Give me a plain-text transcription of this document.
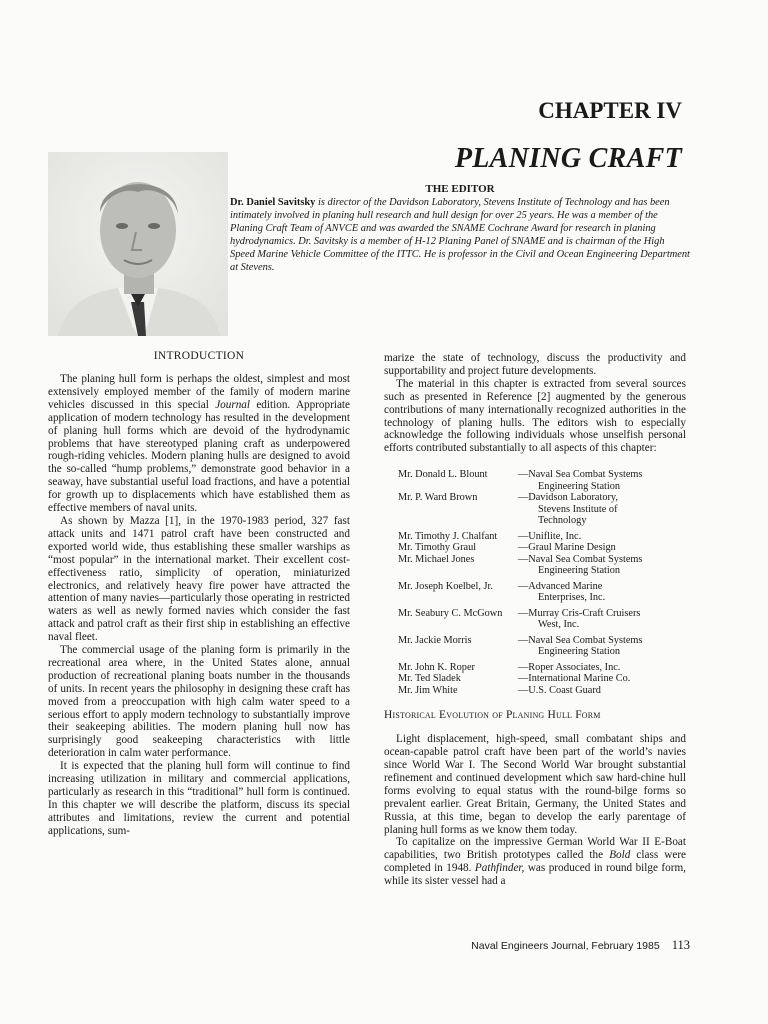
CHAPTER IV
PLANING CRAFT
THE EDITOR
Dr. Daniel Savitsky is director of the Davidson Laboratory, Stevens Institute of Technology and has been intimately involved in planing hull research and hull design for over 25 years. He was a member of the Planing Craft Team of ANVCE and was awarded the SNAME Cochrane Award for research in planing hydrodynamics. Dr. Savitsky is a member of H-12 Planing Panel of SNAME and is chairman of the High Speed Marine Vehicle Committee of the ITTC. He is professor in the Civil and Ocean Engineering Department at Stevens.
INTRODUCTION

The planing hull form is perhaps the oldest, simplest and most extensively employed member of the family of modern marine vehicles discussed in this special Journal edition. Appropriate application of modern technology has resulted in the development of planing hull forms which are devoid of the hydrodynamic problems that have stereotyped planing craft as underpowered rough-riding vehicles. Modern planing hulls are designed to avoid the so-called “hump problems,” demonstrate good behavior in a seaway, have substantial useful load fractions, and have a potential for growth up to displacements which have established them as effective members of naval units.

As shown by Mazza [1], in the 1970-1983 period, 327 fast attack units and 1471 patrol craft have been constructed and exported world wide, thus establishing these smaller warships as “most popular” in the international market. Their excellent cost-effectiveness ratio, simplicity of operation, miniaturized electronics, and relatively heavy fire power have attracted the attention of many navies—particularly those operating in restricted waters as well as newly formed navies which consider the fast attack and patrol craft as their first ship in establishing an effective naval fleet.

The commercial usage of the planing form is primarily in the recreational area where, in the United States alone, annual production of recreational planing boats number in the thousands of units. In recent years the philosophy in designing these craft has moved from a preoccupation with high calm water speed to a serious effort to apply modern technology to substantially improve their seakeeping abilities. The modern planing hull now has surprisingly good seakeeping characteristics with little deterioration in calm water performance.

It is expected that the planing hull form will continue to find increasing utilization in military and commercial applications, particularly as research in this “traditional” hull form is continued. In this chapter we will describe the platform, discuss its special attributes and limitations, review the current and potential applications, sum-

marize the state of technology, discuss the productivity and supportability and project future developments.

The material in this chapter is extracted from several sources such as presented in Reference [2] augmented by the generous contributions of many internationally recognized authorities in the technology of planing hulls. The editors wish to especially acknowledge the following individuals whose unselfish personal efforts contributed substantially to all aspects of this chapter:

Mr. Donald L. Blount	—Naval Sea Combat Systems
Engineering Station

Mr. P. Ward Brown	—Davidson Laboratory,
Stevens Institute of
Technology

Mr. Timothy J. Chalfant	—Uniflite, Inc.
Mr. Timothy Graul	—Graul Marine Design
Mr. Michael Jones	—Naval Sea Combat Systems
Engineering Station

Mr. Joseph Koelbel, Jr.	—Advanced Marine
Enterprises, Inc.

Mr. Seabury C. McGown	—Murray Cris-Craft Cruisers
West, Inc.

Mr. Jackie Morris	—Naval Sea Combat Systems
Engineering Station

Mr. John K. Roper	—Roper Associates, Inc.
Mr. Ted Sladek	—International Marine Co.
Mr. Jim White	—U.S. Coast Guard
Historical Evolution of Planing Hull Form

Light displacement, high-speed, small combatant ships and ocean-capable patrol craft have been part of the world’s navies since World War I. The Second World War brought substantial refinement and continued development which saw hard-chine hull forms evolving to equal status with the round-bilge forms so prevalent earlier. Great Britain, Germany, the United States and Russia, at this time, began to develop the early parentage of planing hull forms as we know them today.

To capitalize on the impressive German World War II E-Boat capabilities, two British prototypes called the Bold class were completed in 1948. Pathfinder, was produced in round bilge form, while its sister vessel had a

Naval Engineers Journal, February 1985 113
